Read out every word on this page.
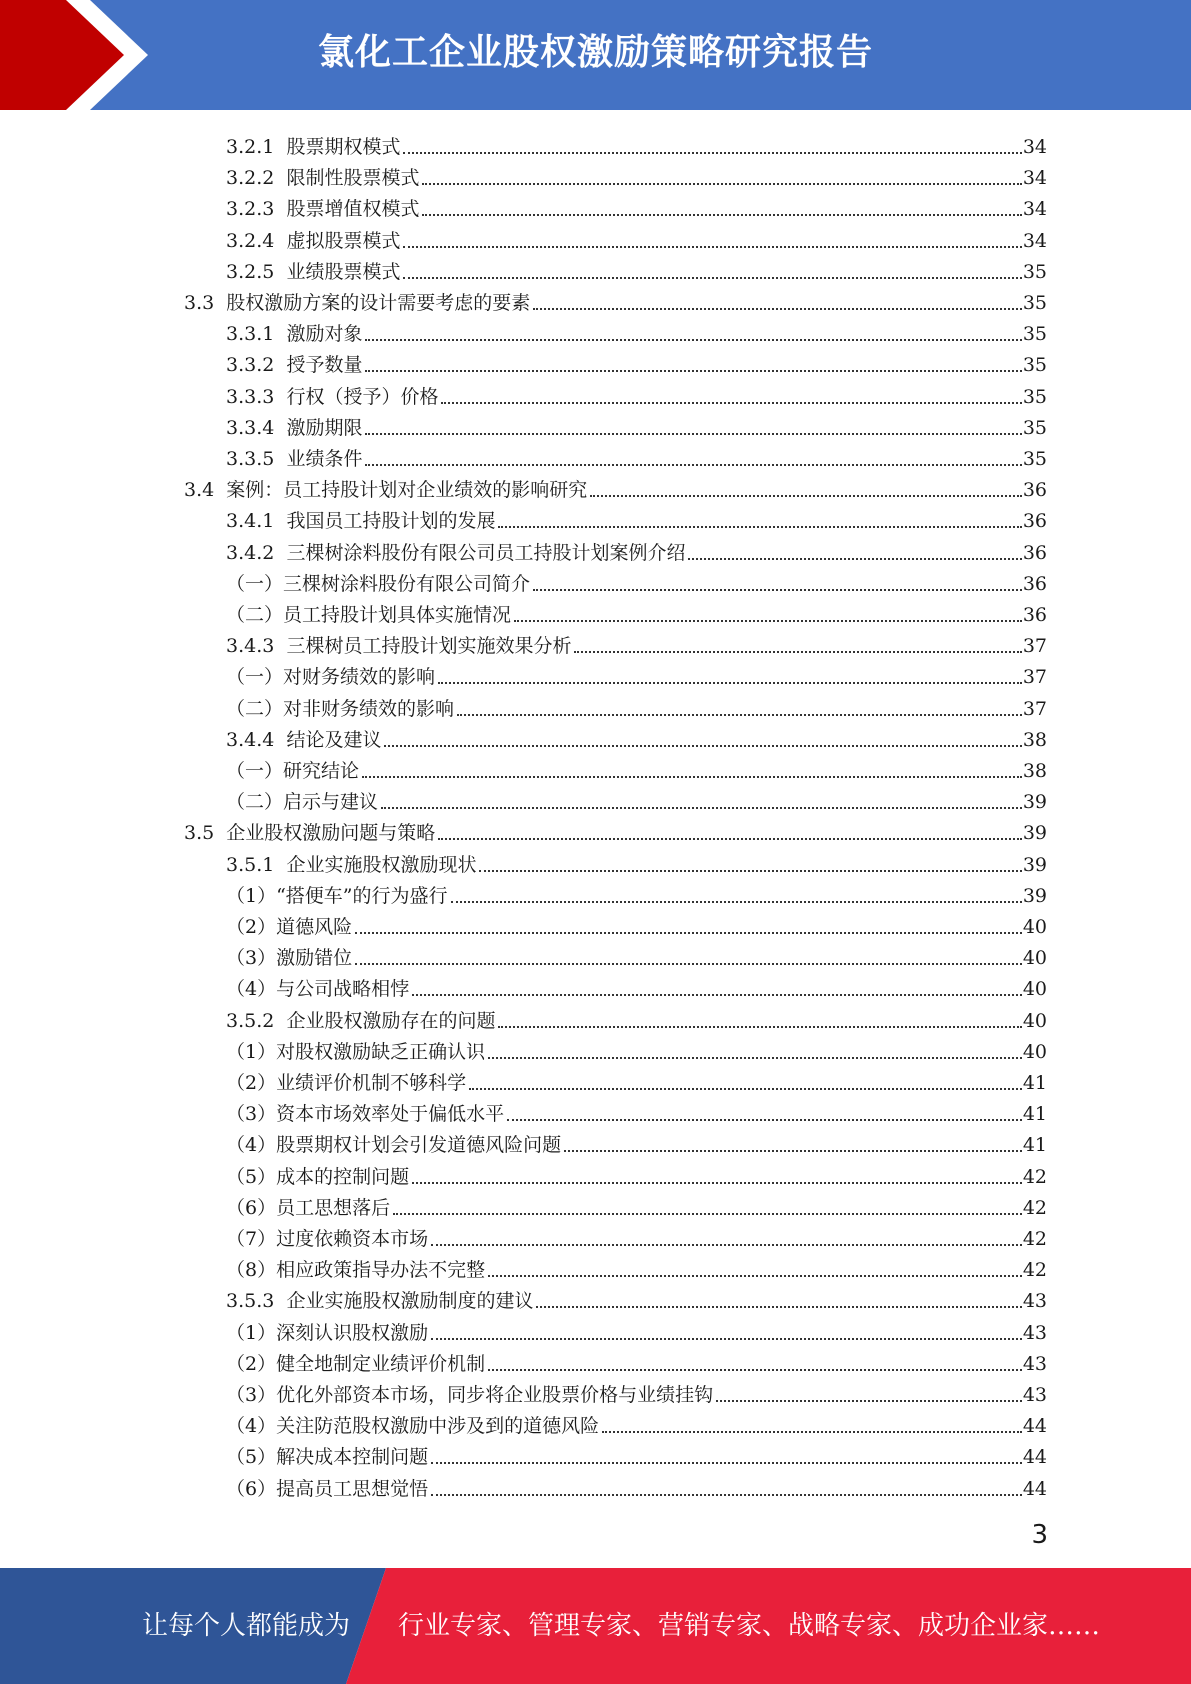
氯化工企业股权激励策略研究报告
3.2.1 股票期权模式	34
3.2.2 限制性股票模式	34
3.2.3 股票增值权模式	34
3.2.4 虚拟股票模式	34
3.2.5 业绩股票模式	35
3.3 股权激励方案的设计需要考虑的要素	35
3.3.1 激励对象	35
3.3.2 授予数量	35
3.3.3 行权（授予）价格	35
3.3.4 激励期限	35
3.3.5 业绩条件	35
3.4 案例：员工持股计划对企业绩效的影响研究	36
3.4.1 我国员工持股计划的发展	36
3.4.2 三棵树涂料股份有限公司员工持股计划案例介绍	36
（一）三棵树涂料股份有限公司简介	36
（二）员工持股计划具体实施情况	36
3.4.3 三棵树员工持股计划实施效果分析	37
（一）对财务绩效的影响	37
（二）对非财务绩效的影响	37
3.4.4 结论及建议	38
（一）研究结论	38
（二）启示与建议	39
3.5 企业股权激励问题与策略	39
3.5.1 企业实施股权激励现状	39
（1）“搭便车”的行为盛行	39
（2）道德风险	40
（3）激励错位	40
（4）与公司战略相悖	40
3.5.2 企业股权激励存在的问题	40
（1）对股权激励缺乏正确认识	40
（2）业绩评价机制不够科学	41
（3）资本市场效率处于偏低水平	41
（4）股票期权计划会引发道德风险问题	41
（5）成本的控制问题	42
（6）员工思想落后	42
（7）过度依赖资本市场	42
（8）相应政策指导办法不完整	42
3.5.3 企业实施股权激励制度的建议	43
（1）深刻认识股权激励	43
（2）健全地制定业绩评价机制	43
（3）优化外部资本市场，同步将企业股票价格与业绩挂钩	43
（4）关注防范股权激励中涉及到的道德风险	44
（5）解决成本控制问题	44
（6）提高员工思想觉悟	44
3
让每个人都能成为 行业专家、管理专家、营销专家、战略专家、成功企业家……
